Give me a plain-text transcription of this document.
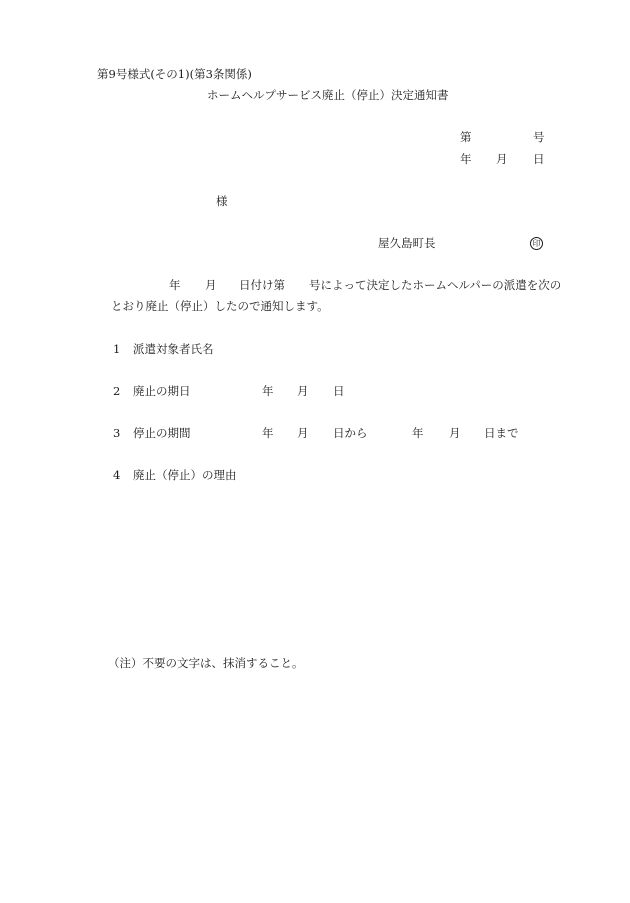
第9号様式(その1)(第3条関係)
ホームヘルプサービス廃止（停止）決定通知書
第	号
年 月 日
様
屋久島町長	印
年 月 日付け第 号によって決定したホームヘルパーの派遣を次の
とおり廃止（停止）したので通知します。
1 派遣対象者氏名
2 廃止の期日	年 月 日
3 停止の期間	年 月 日から	年 月 日まで
4 廃止（停止）の理由
（注）不要の文字は、抹消すること。
